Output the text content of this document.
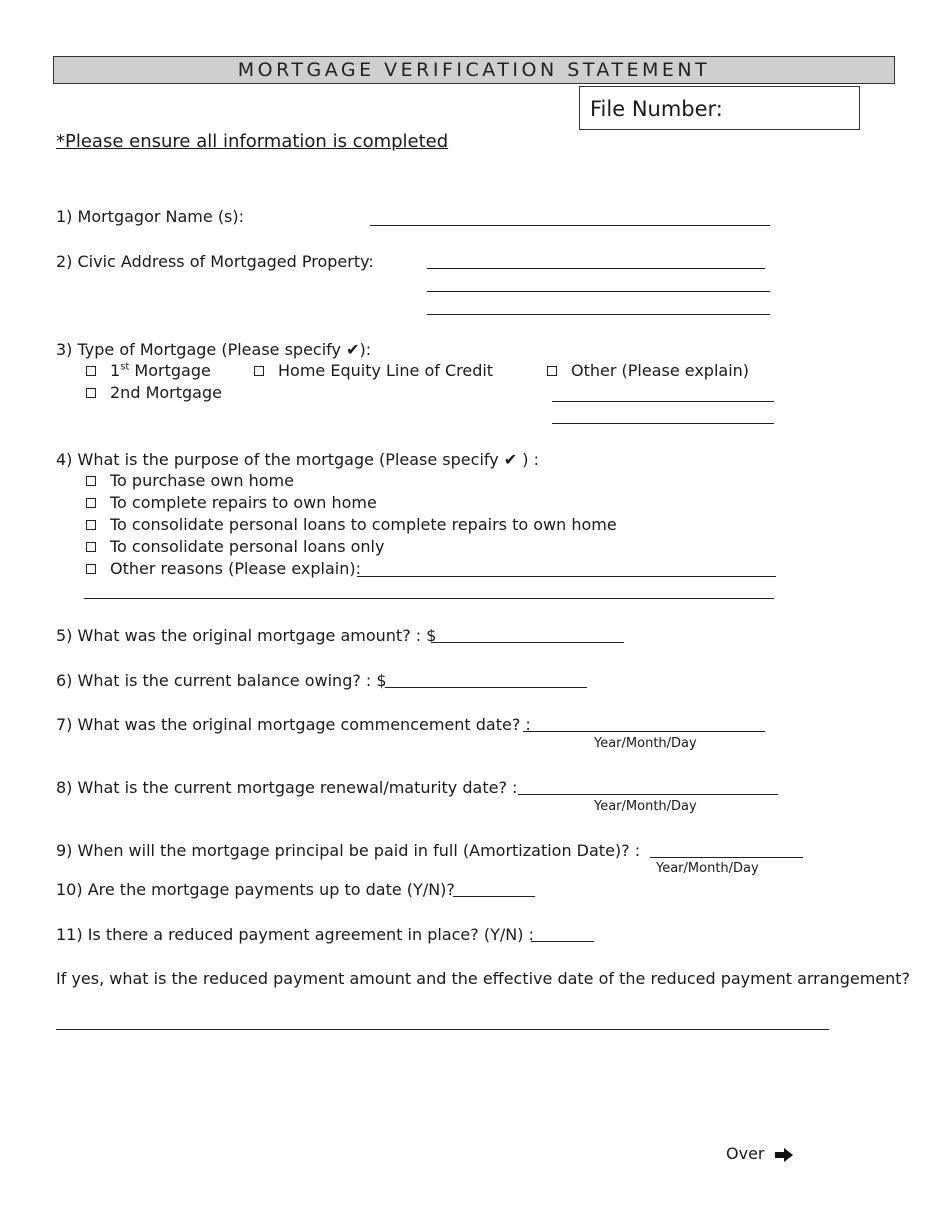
MORTGAGE VERIFICATION STATEMENT
File Number:
*Please ensure all information is completed
1) Mortgagor Name (s):
2) Civic Address of Mortgaged Property:
3) Type of Mortgage (Please specify ✔):
1st Mortgage	Home Equity Line of Credit	Other (Please explain)
2nd Mortgage
4) What is the purpose of the mortgage (Please specify ✔ ) :
To purchase own home
To complete repairs to own home
To consolidate personal loans to complete repairs to own home
To consolidate personal loans only
Other reasons (Please explain):
5) What was the original mortgage amount? : $
6) What is the current balance owing? : $
7) What was the original mortgage commencement date? :
Year/Month/Day
8) What is the current mortgage renewal/maturity date? :
Year/Month/Day
9) When will the mortgage principal be paid in full (Amortization Date)? :
Year/Month/Day
10) Are the mortgage payments up to date (Y/N)?
11) Is there a reduced payment agreement in place? (Y/N) :
If yes, what is the reduced payment amount and the effective date of the reduced payment arrangement?
Over
